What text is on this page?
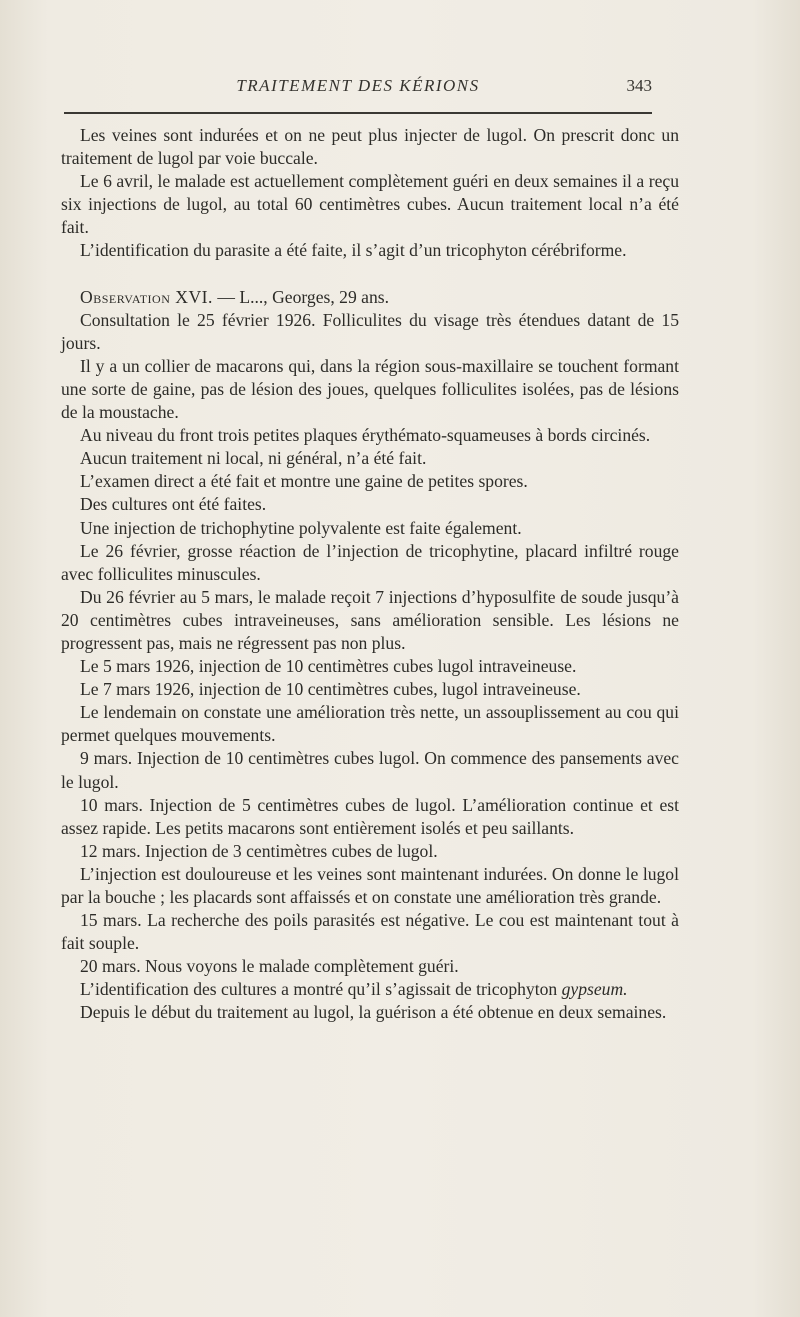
TRAITEMENT DES KÉRIONS	343

Les veines sont indurées et on ne peut plus injecter de lugol. On prescrit donc un traitement de lugol par voie buccale.

Le 6 avril, le malade est actuellement complètement guéri en deux semaines il a reçu six injections de lugol, au total 60 centimètres cubes. Aucun traitement local n’a été fait.

L’identification du parasite a été faite, il s’agit d’un tricophyton cérébriforme.

Observation XVI. — L..., Georges, 29 ans.

Consultation le 25 février 1926. Folliculites du visage très étendues datant de 15 jours.

Il y a un collier de macarons qui, dans la région sous-maxillaire se touchent formant une sorte de gaine, pas de lésion des joues, quelques folliculites isolées, pas de lésions de la moustache.

Au niveau du front trois petites plaques érythémato-squameuses à bords circinés.

Aucun traitement ni local, ni général, n’a été fait.

L’examen direct a été fait et montre une gaine de petites spores.

Des cultures ont été faites.

Une injection de trichophytine polyvalente est faite également.

Le 26 février, grosse réaction de l’injection de tricophytine, placard infiltré rouge avec folliculites minuscules.

Du 26 février au 5 mars, le malade reçoit 7 injections d’hyposulfite de soude jusqu’à 20 centimètres cubes intraveineuses, sans amélioration sensible. Les lésions ne progressent pas, mais ne régressent pas non plus.

Le 5 mars 1926, injection de 10 centimètres cubes lugol intraveineuse.

Le 7 mars 1926, injection de 10 centimètres cubes, lugol intraveineuse.

Le lendemain on constate une amélioration très nette, un assouplissement au cou qui permet quelques mouvements.

9 mars. Injection de 10 centimètres cubes lugol. On commence des pansements avec le lugol.

10 mars. Injection de 5 centimètres cubes de lugol. L’amélioration continue et est assez rapide. Les petits macarons sont entièrement isolés et peu saillants.

12 mars. Injection de 3 centimètres cubes de lugol.

L’injection est douloureuse et les veines sont maintenant indurées. On donne le lugol par la bouche ; les placards sont affaissés et on constate une amélioration très grande.

15 mars. La recherche des poils parasités est négative. Le cou est maintenant tout à fait souple.

20 mars. Nous voyons le malade complètement guéri.

L’identification des cultures a montré qu’il s’agissait de tricophyton gypseum.

Depuis le début du traitement au lugol, la guérison a été obtenue en deux semaines.
